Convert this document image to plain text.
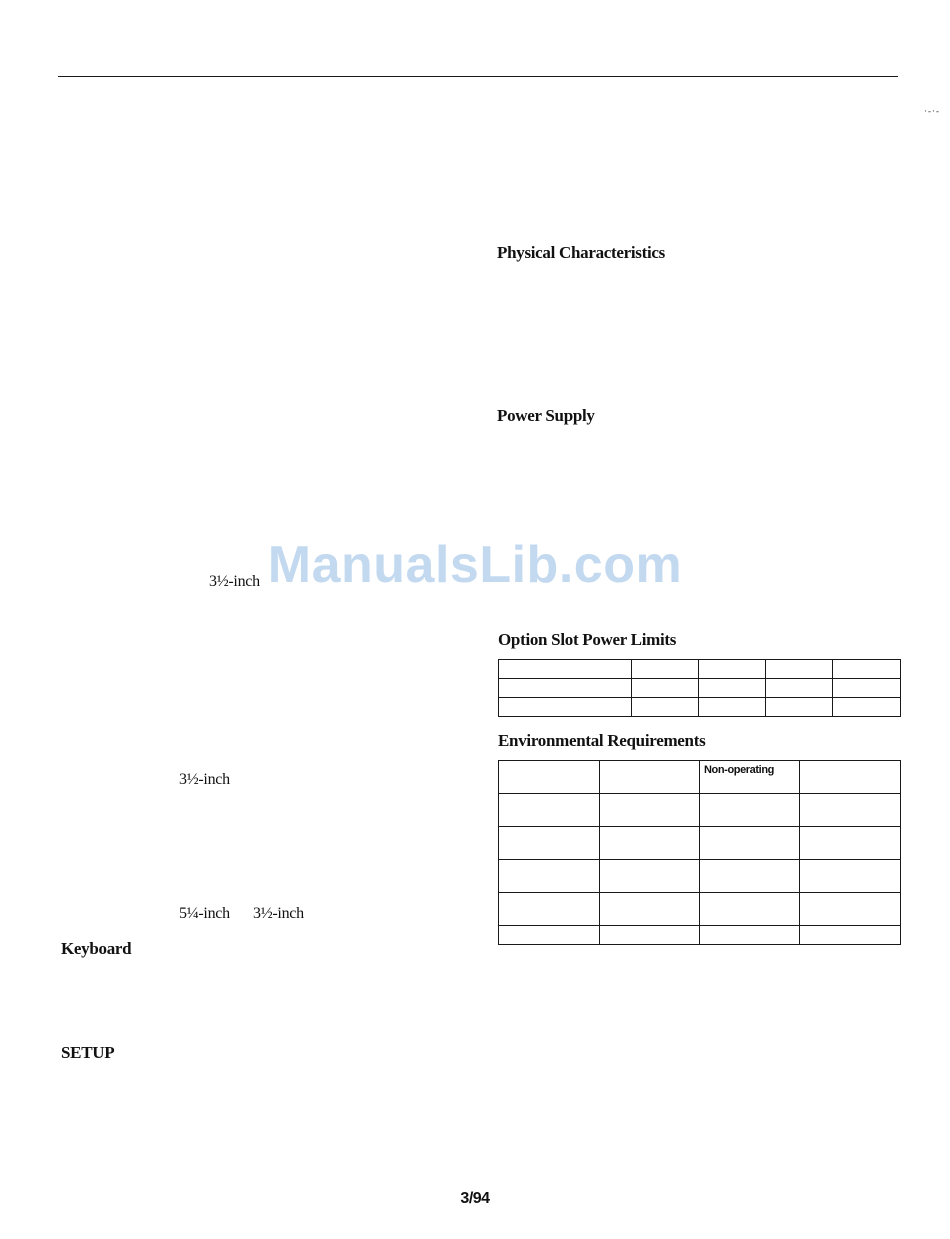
·-·-
Physical Characteristics
Power Supply
Option Slot Power Limits
Environmental Requirements
3½-inch
3½-inch
5¼-inch 3½-inch
Keyboard
SETUP

		Non-operating	

ManualsLib.com
3/94
